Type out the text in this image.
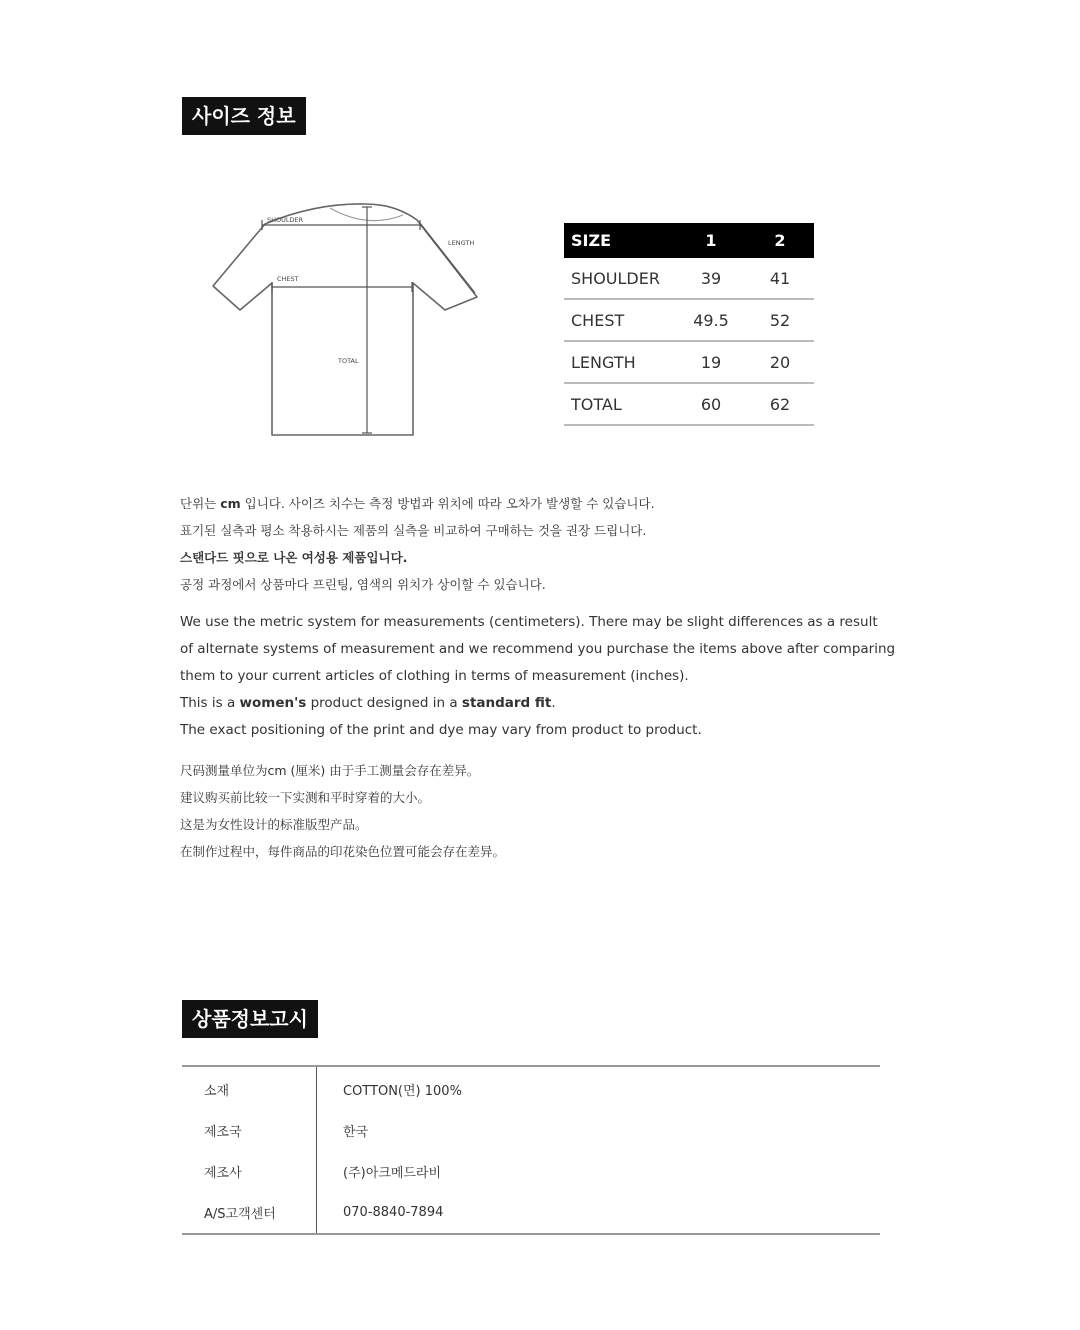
사이즈 정보
SHOULDER
CHEST
LENGTH
TOTAL
SIZE	1	2
SHOULDER	39	41
CHEST	49.5	52
LENGTH	19	20
TOTAL	60	62
단위는 cm 입니다. 사이즈 치수는 측정 방법과 위치에 따라 오차가 발생할 수 있습니다.
표기된 실측과 평소 착용하시는 제품의 실측을 비교하여 구매하는 것을 권장 드립니다.
스탠다드 핏으로 나온 여성용 제품입니다.
공정 과정에서 상품마다 프린팅, 염색의 위치가 상이할 수 있습니다.
We use the metric system for measurements (centimeters). There may be slight differences as a result
of alternate systems of measurement and we recommend you purchase the items above after comparing
them to your current articles of clothing in terms of measurement (inches).
This is a women's product designed in a standard fit.
The exact positioning of the print and dye may vary from product to product.
尺码测量单位为cm (厘米) 由于手工测量会存在差异。
建议购买前比较一下实测和平时穿着的大小。
这是为女性设计的标准版型产品。
在制作过程中，每件商品的印花染色位置可能会存在差异。
상품정보고시
소재	COTTON(면) 100%
제조국	한국
제조사	(주)아크메드라비
A/S고객센터	070-8840-7894
